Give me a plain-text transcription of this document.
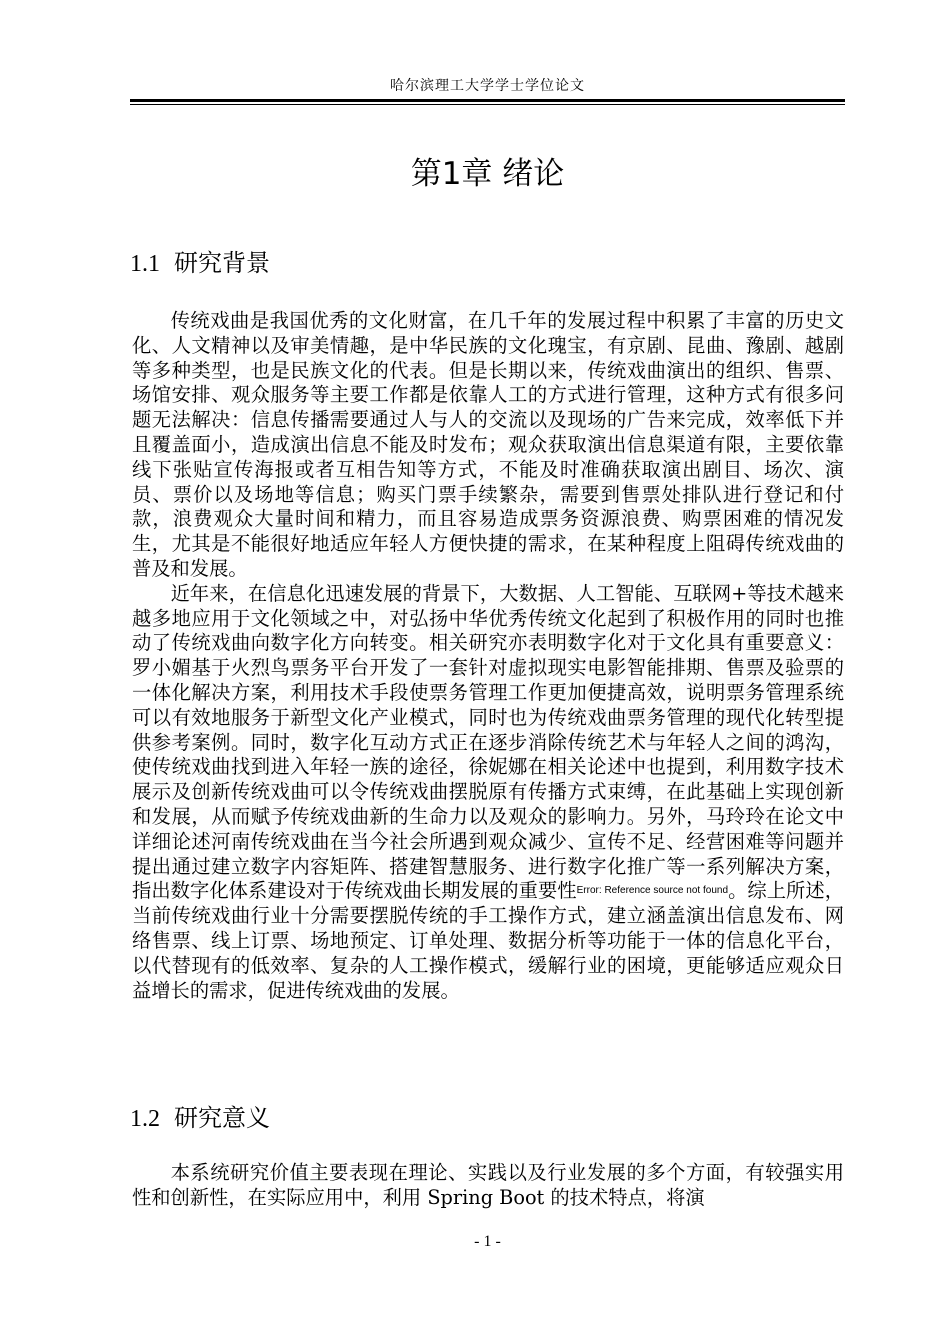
哈尔滨理工大学学士学位论文
第1章 绪论
1.1 研究背景

传统戏曲是我国优秀的文化财富，在几千年的发展过程中积累了丰富的历史文化、人文精神以及审美情趣，是中华民族的文化瑰宝，有京剧、昆曲、豫剧、越剧等多种类型，也是民族文化的代表。但是长期以来，传统戏曲演出的组织、售票、场馆安排、观众服务等主要工作都是依靠人工的方式进行管理，这种方式有很多问题无法解决：信息传播需要通过人与人的交流以及现场的广告来完成，效率低下并且覆盖面小，造成演出信息不能及时发布；观众获取演出信息渠道有限，主要依靠线下张贴宣传海报或者互相告知等方式，不能及时准确获取演出剧目、场次、演员、票价以及场地等信息；购买门票手续繁杂，需要到售票处排队进行登记和付款，浪费观众大量时间和精力，而且容易造成票务资源浪费、购票困难的情况发生，尤其是不能很好地适应年轻人方便快捷的需求，在某种程度上阻碍传统戏曲的普及和发展。

近年来，在信息化迅速发展的背景下，大数据、人工智能、互联网+等技术越来越多地应用于文化领域之中，对弘扬中华优秀传统文化起到了积极作用的同时也推动了传统戏曲向数字化方向转变。相关研究亦表明数字化对于文化具有重要意义：罗小媚基于火烈鸟票务平台开发了一套针对虚拟现实电影智能排期、售票及验票的一体化解决方案，利用技术手段使票务管理工作更加便捷高效，说明票务管理系统可以有效地服务于新型文化产业模式，同时也为传统戏曲票务管理的现代化转型提供参考案例。同时，数字化互动方式正在逐步消除传统艺术与年轻人之间的鸿沟，使传统戏曲找到进入年轻一族的途径，徐妮娜在相关论述中也提到，利用数字技术展示及创新传统戏曲可以令传统戏曲摆脱原有传播方式束缚，在此基础上实现创新和发展，从而赋予传统戏曲新的生命力以及观众的影响力。另外，马玲玲在论文中详细论述河南传统戏曲在当今社会所遇到观众减少、宣传不足、经营困难等问题并提出通过建立数字内容矩阵、搭建智慧服务、进行数字化推广等一系列解决方案，指出数字化体系建设对于传统戏曲长期发展的重要性$^{Error: Reference source not found}$。综上所述，当前传统戏曲行业十分需要摆脱传统的手工操作方式，建立涵盖演出信息发布、网络售票、线上订票、场地预定、订单处理、数据分析等功能于一体的信息化平台，以代替现有的低效率、复杂的人工操作模式，缓解行业的困境，更能够适应观众日益增长的需求，促进传统戏曲的发展。

1.2 研究意义

本系统研究价值主要表现在理论、实践以及行业发展的多个方面，有较强实用性和创新性，在实际应用中，利用 Spring Boot 的技术特点，将演

- 1 -
